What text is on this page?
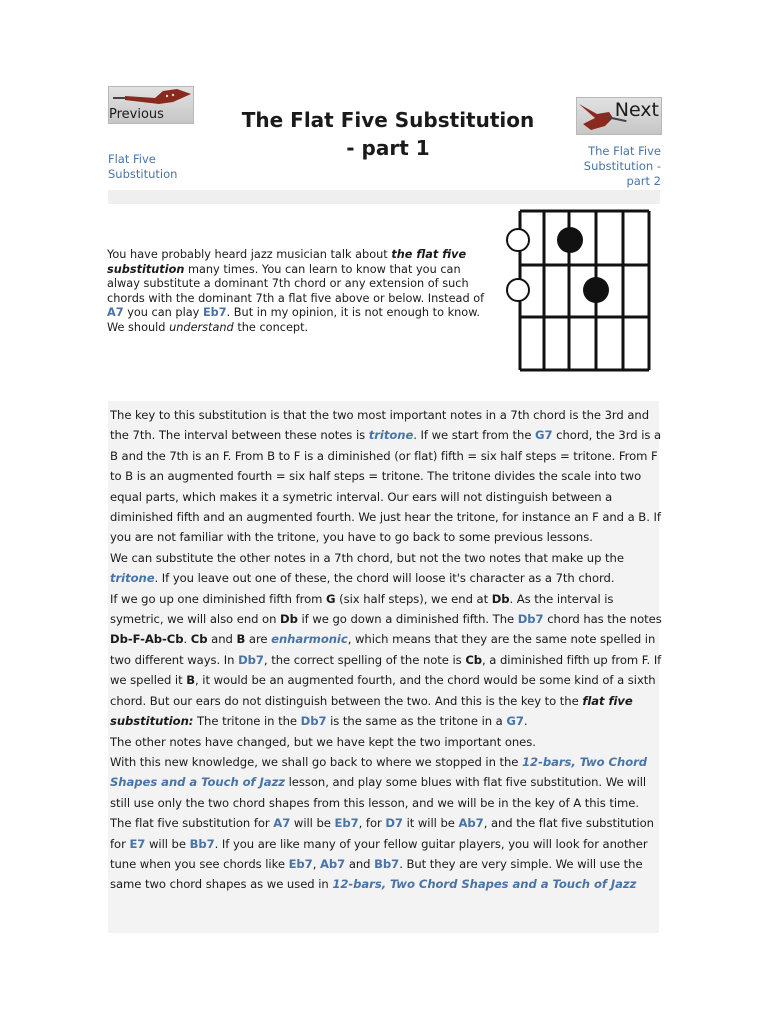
Previous
Flat Five Substitution
Next
The Flat Five Substitution - part 2
The Flat Five Substitution - part 1

You have probably heard jazz musician talk about the flat five substitution many times. You can learn to know that you can alway substitute a dominant 7th chord or any extension of such chords with the dominant 7th a flat five above or below. Instead of A7 you can play Eb7. But in my opinion, it is not enough to know. We should understand the concept.

The key to this substitution is that the two most important notes in a 7th chord is the 3rd and the 7th. The interval between these notes is tritone. If we start from the G7 chord, the 3rd is a B and the 7th is an F. From B to F is a diminished (or flat) fifth = six half steps = tritone. From F to B is an augmented fourth = six half steps = tritone. The tritone divides the scale into two equal parts, which makes it a symetric interval. Our ears will not distinguish between a diminished fifth and an augmented fourth. We just hear the tritone, for instance an F and a B. If you are not familiar with the tritone, you have to go back to some previous lessons.
We can substitute the other notes in a 7th chord, but not the two notes that make up the tritone. If you leave out one of these, the chord will loose it's character as a 7th chord.
If we go up one diminished fifth from G (six half steps), we end at Db. As the interval is symetric, we will also end on Db if we go down a diminished fifth. The Db7 chord has the notes Db-F-Ab-Cb. Cb and B are enharmonic, which means that they are the same note spelled in two different ways. In Db7, the correct spelling of the note is Cb, a diminished fifth up from F. If we spelled it B, it would be an augmented fourth, and the chord would be some kind of a sixth chord. But our ears do not distinguish between the two. And this is the key to the flat five substitution: The tritone in the Db7 is the same as the tritone in a G7.
The other notes have changed, but we have kept the two important ones.
With this new knowledge, we shall go back to where we stopped in the 12-bars, Two Chord Shapes and a Touch of Jazz lesson, and play some blues with flat five substitution. We will still use only the two chord shapes from this lesson, and we will be in the key of A this time. The flat five substitution for A7 will be Eb7, for D7 it will be Ab7, and the flat five substitution for E7 will be Bb7. If you are like many of your fellow guitar players, you will look for another tune when you see chords like Eb7, Ab7 and Bb7. But they are very simple. We will use the same two chord shapes as we used in 12-bars, Two Chord Shapes and a Touch of Jazz
